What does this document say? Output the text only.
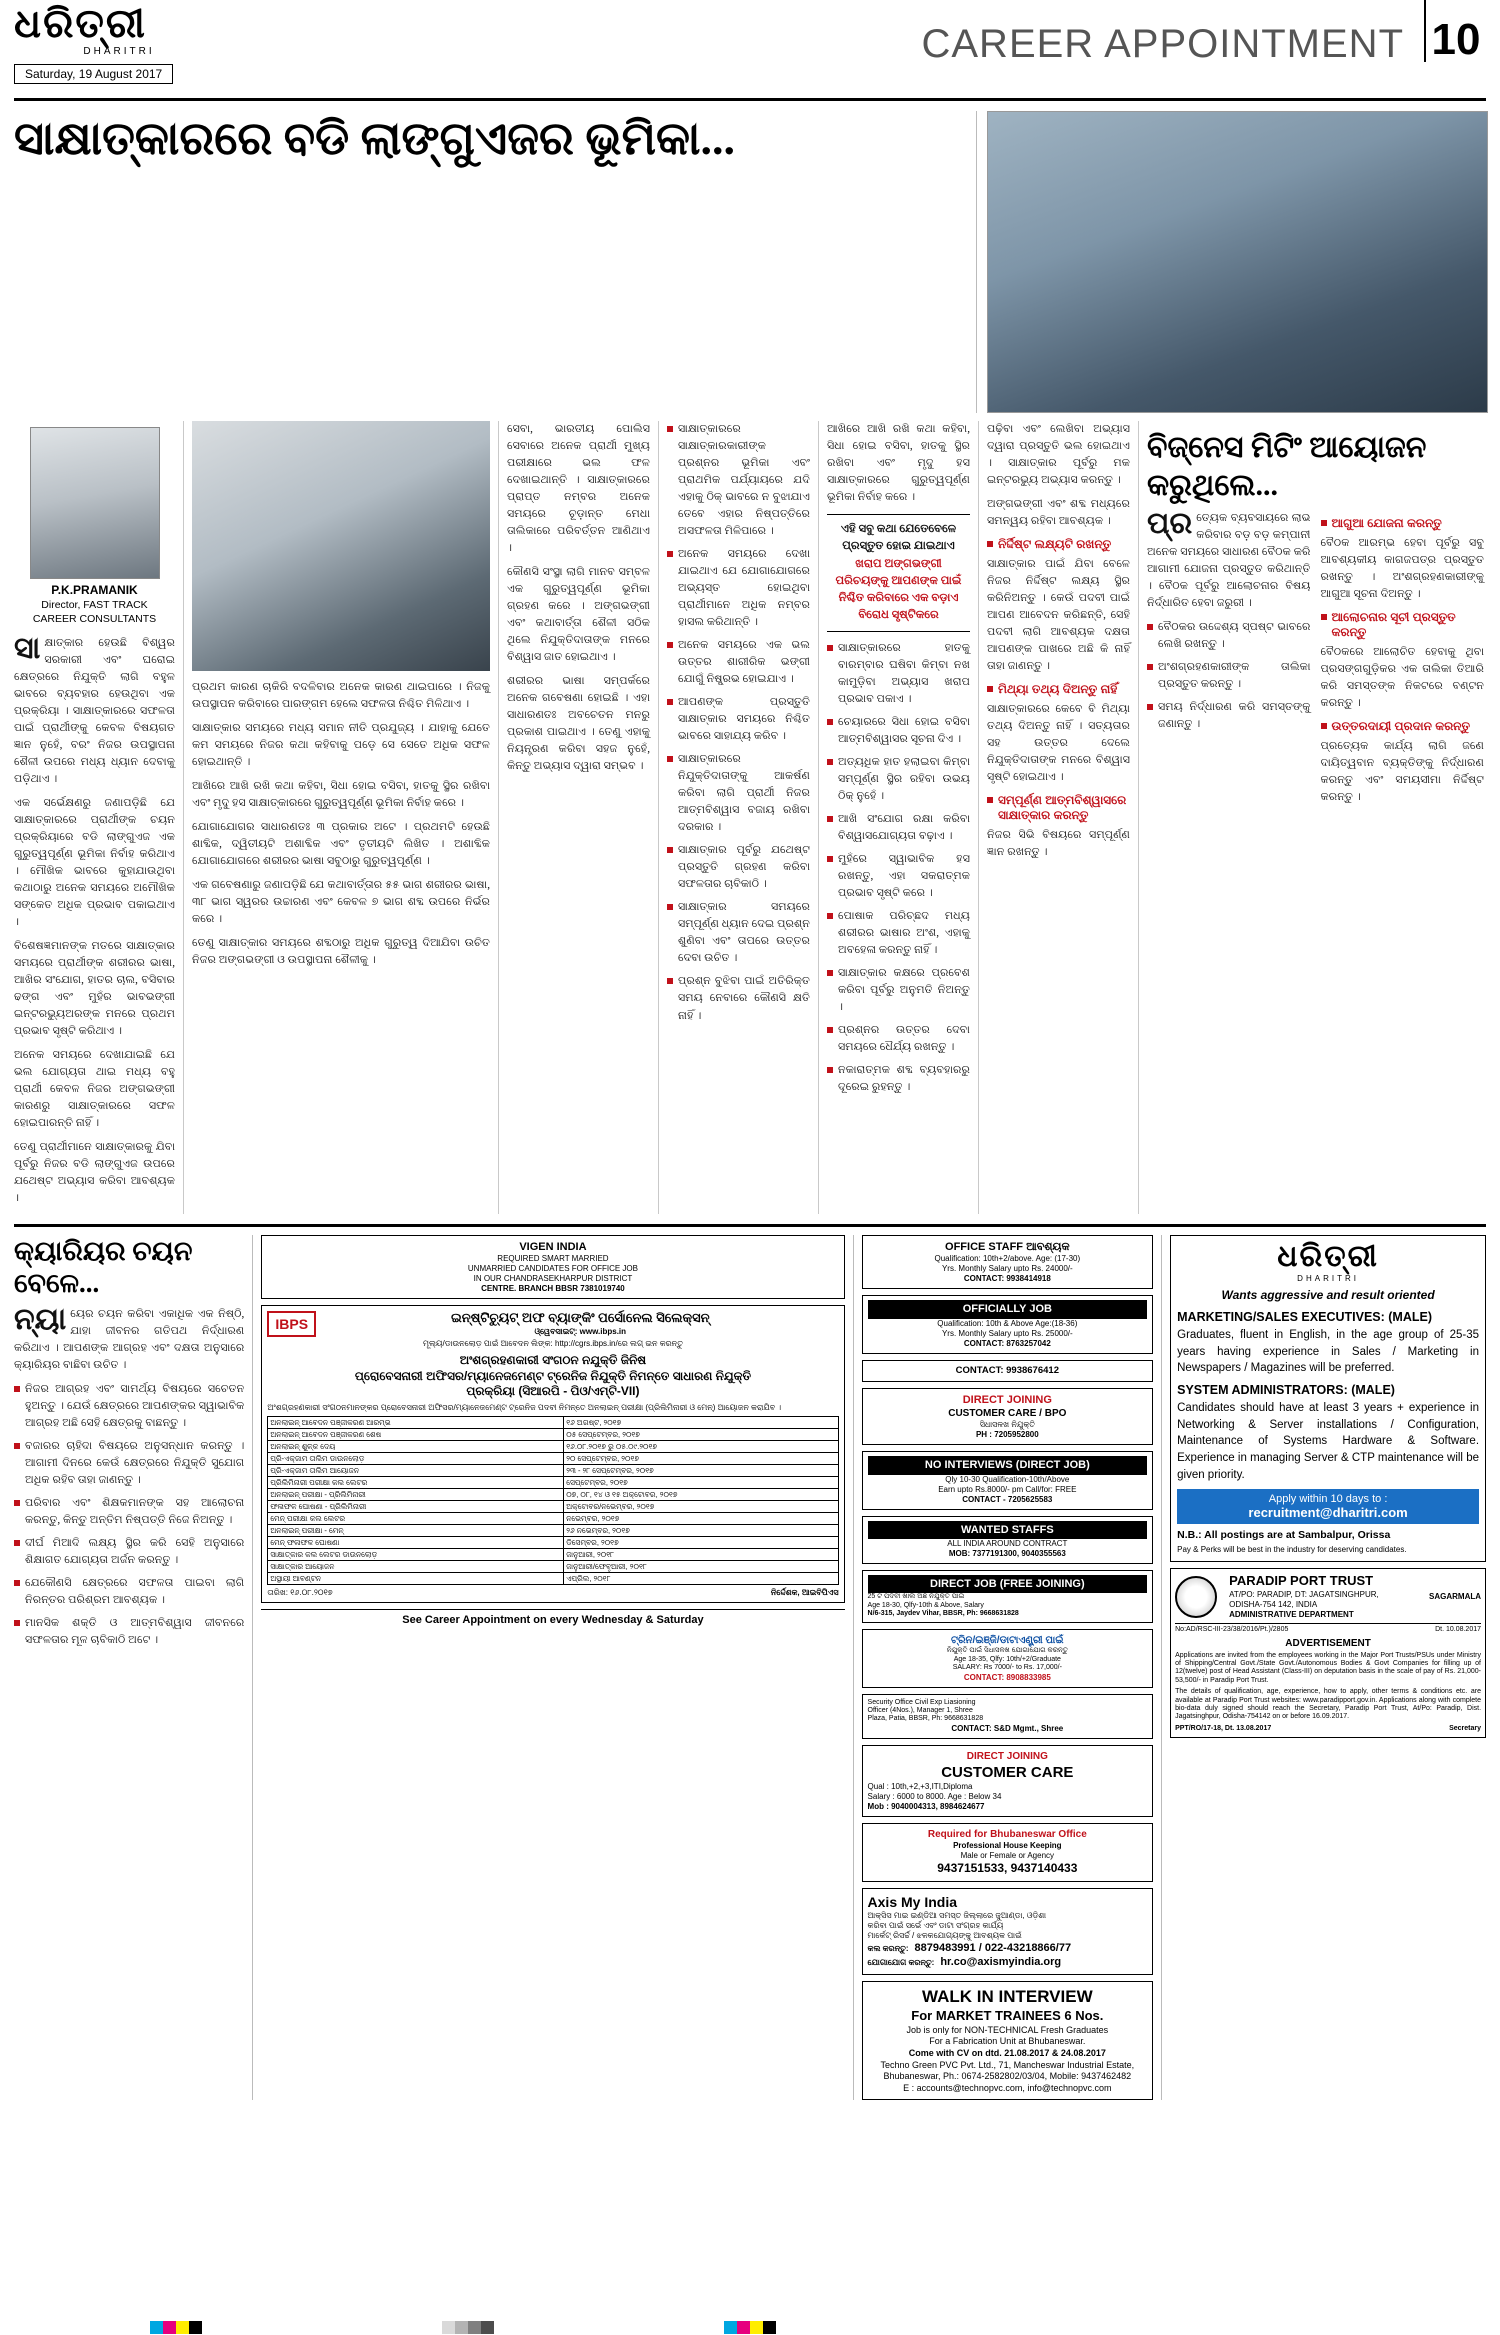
ଧରିତ୍ରୀ
DHARITRI
Saturday, 19 August 2017
CAREER APPOINTMENT 10
ସାକ୍ଷାତ୍କାରରେ ବଡି ଲାଙ୍ଗୁଏଜର ଭୂମିକା...
P.K.PRAMANIK
Director, FAST TRACK
CAREER CONSULTANTS

ସାକ୍ଷାତ୍କାର ହେଉଛି ବିଶ୍ୱର ସରକାରୀ ଏବଂ ଘରୋଇ କ୍ଷେତ୍ରରେ ନିଯୁକ୍ତି ଲାଗି ବହୁଳ ଭାବରେ ବ୍ୟବହାର ହେଉଥିବା ଏକ ପ୍ରକ୍ରିୟା । ସାକ୍ଷାତ୍କାରରେ ସଫଳତା ପାଇଁ ପ୍ରାର୍ଥୀଙ୍କୁ କେବଳ ବିଷୟଗତ ଜ୍ଞାନ ନୁହେଁ, ବରଂ ନିଜର ଉପସ୍ଥାପନା ଶୈଳୀ ଉପରେ ମଧ୍ୟ ଧ୍ୟାନ ଦେବାକୁ ପଡ଼ିଥାଏ ।

ଏକ ସର୍ଭେକ୍ଷଣରୁ ଜଣାପଡ଼ିଛି ଯେ ସାକ୍ଷାତ୍କାରରେ ପ୍ରାର୍ଥୀଙ୍କ ଚୟନ ପ୍ରକ୍ରିୟାରେ ବଡି ଲାଙ୍ଗୁଏଜ ଏକ ଗୁରୁତ୍ୱପୂର୍ଣ୍ଣ ଭୂମିକା ନିର୍ବାହ କରିଥାଏ । ମୌଖିକ ଭାବରେ କୁହାଯାଉଥିବା କଥାଠାରୁ ଅନେକ ସମୟରେ ଅମୌଖିକ ସଙ୍କେତ ଅଧିକ ପ୍ରଭାବ ପକାଇଥାଏ ।

ବିଶେଷଜ୍ଞମାନଙ୍କ ମତରେ ସାକ୍ଷାତ୍କାର ସମୟରେ ପ୍ରାର୍ଥୀଙ୍କ ଶରୀରର ଭାଷା, ଆଖିର ସଂଯୋଗ, ହାତର ଚାଲ, ବସିବାର ଢଙ୍ଗ ଏବଂ ମୁହଁର ଭାବଭଙ୍ଗୀ ଇନ୍ଟରଭ୍ୟୁଅରଙ୍କ ମନରେ ପ୍ରଥମ ପ୍ରଭାବ ସୃଷ୍ଟି କରିଥାଏ ।

ଅନେକ ସମୟରେ ଦେଖାଯାଇଛି ଯେ ଭଲ ଯୋଗ୍ୟତା ଥାଇ ମଧ୍ୟ ବହୁ ପ୍ରାର୍ଥୀ କେବଳ ନିଜର ଅଙ୍ଗଭଙ୍ଗୀ କାରଣରୁ ସାକ୍ଷାତ୍କାରରେ ସଫଳ ହୋଇପାରନ୍ତି ନାହିଁ ।

ତେଣୁ ପ୍ରାର୍ଥୀମାନେ ସାକ୍ଷାତ୍କାରକୁ ଯିବା ପୂର୍ବରୁ ନିଜର ବଡି ଲାଙ୍ଗୁଏଜ ଉପରେ ଯଥେଷ୍ଟ ଅଭ୍ୟାସ କରିବା ଆବଶ୍ୟକ ।

ପ୍ରଥମ କାରଣ ଚାକିରି ବଦଳିବାର ଅନେକ କାରଣ ଥାଇପାରେ । ନିଜକୁ ଉପସ୍ଥାପନ କରିବାରେ ପାରଙ୍ଗମ ହେଲେ ସଫଳତା ନିଶ୍ଚିତ ମିଳିଥାଏ ।

ସାକ୍ଷାତ୍କାର ସମୟରେ ମଧ୍ୟ ସମାନ ନୀତି ପ୍ରଯୁଜ୍ୟ । ଯାହାକୁ ଯେତେ କମ ସମୟରେ ନିଜର କଥା କହିବାକୁ ପଡ଼େ ସେ ସେତେ ଅଧିକ ସଫଳ ହୋଇଥାନ୍ତି ।

ଆଖିରେ ଆଖି ରଖି କଥା କହିବା, ସିଧା ହୋଇ ବସିବା, ହାତକୁ ସ୍ଥିର ରଖିବା ଏବଂ ମୃଦୁ ହସ ସାକ୍ଷାତ୍କାରରେ ଗୁରୁତ୍ୱପୂର୍ଣ୍ଣ ଭୂମିକା ନିର୍ବାହ କରେ ।

ଯୋଗାଯୋଗର ସାଧାରଣତଃ ୩ ପ୍ରକାର ଅଟେ । ପ୍ରଥମଟି ହେଉଛି ଶାବ୍ଦିକ, ଦ୍ୱିତୀୟଟି ଅଶାବ୍ଦିକ ଏବଂ ତୃତୀୟଟି ଲିଖିତ । ଅଶାବ୍ଦିକ ଯୋଗାଯୋଗରେ ଶରୀରର ଭାଷା ସବୁଠାରୁ ଗୁରୁତ୍ୱପୂର୍ଣ୍ଣ ।

ଏକ ଗବେଷଣାରୁ ଜଣାପଡ଼ିଛି ଯେ କଥାବାର୍ତ୍ତାର ୫୫ ଭାଗ ଶରୀରର ଭାଷା, ୩୮ ଭାଗ ସ୍ୱରର ଉଚ୍ଚାରଣ ଏବଂ କେବଳ ୭ ଭାଗ ଶବ୍ଦ ଉପରେ ନିର୍ଭର କରେ ।

ତେଣୁ ସାକ୍ଷାତ୍କାର ସମୟରେ ଶବ୍ଦଠାରୁ ଅଧିକ ଗୁରୁତ୍ୱ ଦିଆଯିବା ଉଚିତ ନିଜର ଅଙ୍ଗଭଙ୍ଗୀ ଓ ଉପସ୍ଥାପନା ଶୈଳୀକୁ ।

ସେବା, ଭାରତୀୟ ପୋଲିସ ସେବାରେ ଅନେକ ପ୍ରାର୍ଥୀ ମୁଖ୍ୟ ପରୀକ୍ଷାରେ ଭଲ ଫଳ ଦେଖାଇଥାନ୍ତି । ସାକ୍ଷାତ୍କାରରେ ପ୍ରାପ୍ତ ନମ୍ବର ଅନେକ ସମୟରେ ଚୂଡ଼ାନ୍ତ ମେଧା ତାଲିକାରେ ପରିବର୍ତ୍ତନ ଆଣିଥାଏ ।

କୌଣସି ସଂସ୍ଥା ଲାଗି ମାନବ ସମ୍ବଳ ଏକ ଗୁରୁତ୍ୱପୂର୍ଣ୍ଣ ଭୂମିକା ଗ୍ରହଣ କରେ । ଅଙ୍ଗଭଙ୍ଗୀ ଏବଂ କଥାବାର୍ତ୍ତା ଶୈଳୀ ସଠିକ ଥିଲେ ନିଯୁକ୍ତିଦାତାଙ୍କ ମନରେ ବିଶ୍ୱାସ ଜାତ ହୋଇଥାଏ ।

ଶରୀରର ଭାଷା ସମ୍ପର୍କରେ ଅନେକ ଗବେଷଣା ହୋଇଛି । ଏହା ସାଧାରଣତଃ ଅବଚେତନ ମନରୁ ପ୍ରକାଶ ପାଇଥାଏ । ତେଣୁ ଏହାକୁ ନିୟନ୍ତ୍ରଣ କରିବା ସହଜ ନୁହେଁ, କିନ୍ତୁ ଅଭ୍ୟାସ ଦ୍ୱାରା ସମ୍ଭବ ।

ସାକ୍ଷାତ୍କାରରେ ସାକ୍ଷାତ୍କାରକାରୀଙ୍କ ପ୍ରଶ୍ନର ଭୂମିକା ଏବଂ ପ୍ରାଥମିକ ପର୍ଯ୍ୟାୟରେ ଯଦି ଏହାକୁ ଠିକ୍ ଭାବରେ ନ ବୁଝାଯାଏ ତେବେ ଏହାର ନିଷ୍ପତ୍ତିରେ ଅସଫଳତା ମିଳିପାରେ ।
ଅନେକ ସମୟରେ ଦେଖା ଯାଇଥାଏ ଯେ ଯୋଗାଯୋଗରେ ଅଭ୍ୟସ୍ତ ହୋଇଥିବା ପ୍ରାର୍ଥୀମାନେ ଅଧିକ ନମ୍ବର ହାସଲ କରିଥାନ୍ତି ।
ଅନେକ ସମୟରେ ଏକ ଭଲ ଉତ୍ତର ଶାରୀରିକ ଭଙ୍ଗୀ ଯୋଗୁଁ ନିଷ୍ପ୍ରଭ ହୋଇଯାଏ ।
ଆପଣଙ୍କ ପ୍ରସ୍ତୁତି ସାକ୍ଷାତ୍କାର ସମୟରେ ନିଶ୍ଚିତ ଭାବରେ ସାହାଯ୍ୟ କରିବ ।
ସାକ୍ଷାତ୍କାରରେ ନିଯୁକ୍ତିଦାତାଙ୍କୁ ଆକର୍ଷଣ କରିବା ଲାଗି ପ୍ରାର୍ଥୀ ନିଜର ଆତ୍ମବିଶ୍ୱାସ ବଜାୟ ରଖିବା ଦରକାର ।
ସାକ୍ଷାତ୍କାର ପୂର୍ବରୁ ଯଥେଷ୍ଟ ପ୍ରସ୍ତୁତି ଗ୍ରହଣ କରିବା ସଫଳତାର ଚାବିକାଠି ।
ସାକ୍ଷାତ୍କାର ସମୟରେ ସମ୍ପୂର୍ଣ୍ଣ ଧ୍ୟାନ ଦେଇ ପ୍ରଶ୍ନ ଶୁଣିବା ଏବଂ ତାପରେ ଉତ୍ତର ଦେବା ଉଚିତ ।
ପ୍ରଶ୍ନ ବୁଝିବା ପାଇଁ ଅତିରିକ୍ତ ସମୟ ନେବାରେ କୌଣସି କ୍ଷତି ନାହିଁ ।

ଆଖିରେ ଆଖି ରଖି କଥା କହିବା, ସିଧା ହୋଇ ବସିବା, ହାତକୁ ସ୍ଥିର ରଖିବା ଏବଂ ମୃଦୁ ହସ ସାକ୍ଷାତ୍କାରରେ ଗୁରୁତ୍ୱପୂର୍ଣ୍ଣ ଭୂମିକା ନିର୍ବାହ କରେ ।

ଏହି ସବୁ କଥା ଯେତେବେଳେ ପ୍ରସ୍ତୁତ ହୋଇ ଯାଇଥାଏ
ଖରାପ ଅଙ୍ଗଭଙ୍ଗୀ ପରିଚୟଙ୍କୁ ଆପଣଙ୍କ ପାଇଁ ନିଶ୍ଚିତ କରିବାରେ ଏକ ବଡ଼ାଏ ବିରୋଧ ସୃଷ୍ଟିକରେ
ସାକ୍ଷାତ୍କାରରେ ହାତକୁ ବାରମ୍ବାର ଘଷିବା କିମ୍ବା ନଖ କାମୁଡ଼ିବା ଅଭ୍ୟାସ ଖରାପ ପ୍ରଭାବ ପକାଏ ।
ଚେୟାରରେ ସିଧା ହୋଇ ବସିବା ଆତ୍ମବିଶ୍ୱାସର ସୂଚନା ଦିଏ ।
ଅତ୍ୟଧିକ ହାତ ହଲାଇବା କିମ୍ବା ସମ୍ପୂର୍ଣ୍ଣ ସ୍ଥିର ରହିବା ଉଭୟ ଠିକ୍ ନୁହେଁ ।
ଆଖି ସଂଯୋଗ ରକ୍ଷା କରିବା ବିଶ୍ୱାସଯୋଗ୍ୟତା ବଢ଼ାଏ ।
ମୁହଁରେ ସ୍ୱାଭାବିକ ହସ ରଖନ୍ତୁ, ଏହା ସକରାତ୍ମକ ପ୍ରଭାବ ସୃଷ୍ଟି କରେ ।
ପୋଷାକ ପରିଚ୍ଛଦ ମଧ୍ୟ ଶରୀରର ଭାଷାର ଅଂଶ, ଏହାକୁ ଅବହେଳା କରନ୍ତୁ ନାହିଁ ।
ସାକ୍ଷାତ୍କାର କକ୍ଷରେ ପ୍ରବେଶ କରିବା ପୂର୍ବରୁ ଅନୁମତି ନିଅନ୍ତୁ ।
ପ୍ରଶ୍ନର ଉତ୍ତର ଦେବା ସମୟରେ ଧୈର୍ଯ୍ୟ ରଖନ୍ତୁ ।
ନକାରାତ୍ମକ ଶବ୍ଦ ବ୍ୟବହାରରୁ ଦୂରେଇ ରୁହନ୍ତୁ ।

ପଢ଼ିବା ଏବଂ ଲେଖିବା ଅଭ୍ୟାସ ଦ୍ୱାରା ପ୍ରସ୍ତୁତି ଭଲ ହୋଇଥାଏ । ସାକ୍ଷାତ୍କାର ପୂର୍ବରୁ ମକ ଇନ୍ଟରଭ୍ୟୁ ଅଭ୍ୟାସ କରନ୍ତୁ ।

ଅଙ୍ଗଭଙ୍ଗୀ ଏବଂ ଶବ୍ଦ ମଧ୍ୟରେ ସମନ୍ୱୟ ରହିବା ଆବଶ୍ୟକ ।

ନିର୍ଦ୍ଦିଷ୍ଟ ଲକ୍ଷ୍ୟଟି ରଖନ୍ତୁ

ସାକ୍ଷାତ୍କାର ପାଇଁ ଯିବା ବେଳେ ନିଜର ନିର୍ଦ୍ଦିଷ୍ଟ ଲକ୍ଷ୍ୟ ସ୍ଥିର କରିନିଅନ୍ତୁ । କେଉଁ ପଦବୀ ପାଇଁ ଆପଣ ଆବେଦନ କରିଛନ୍ତି, ସେହି ପଦବୀ ଲାଗି ଆବଶ୍ୟକ ଦକ୍ଷତା ଆପଣଙ୍କ ପାଖରେ ଅଛି କି ନାହିଁ ତାହା ଜାଣନ୍ତୁ ।

ମିଥ୍ୟା ତଥ୍ୟ ଦିଅନ୍ତୁ ନାହିଁ

ସାକ୍ଷାତ୍କାରରେ କେବେ ବି ମିଥ୍ୟା ତଥ୍ୟ ଦିଅନ୍ତୁ ନାହିଁ । ସତ୍ୟତାର ସହ ଉତ୍ତର ଦେଲେ ନିଯୁକ୍ତିଦାତାଙ୍କ ମନରେ ବିଶ୍ୱାସ ସୃଷ୍ଟି ହୋଇଥାଏ ।

ସମ୍ପୂର୍ଣ୍ଣ ଆତ୍ମବିଶ୍ୱାସରେ ସାକ୍ଷାତ୍କାର କରନ୍ତୁ

ନିଜର ସିଭି ବିଷୟରେ ସମ୍ପୂର୍ଣ୍ଣ ଜ୍ଞାନ ରଖନ୍ତୁ ।

ବିଜ୍ନେସ ମିଟିଂ ଆୟୋଜନ କରୁଥିଲେ...

ପ୍ରତ୍ୟେକ ବ୍ୟବସାୟରେ ଲାଭ କରିବାର ବଡ଼ ବଡ଼ କମ୍ପାନୀ ଅନେକ ସମୟରେ ସାଧାରଣ ବୈଠକ କରି ଆଗାମୀ ଯୋଜନା ପ୍ରସ୍ତୁତ କରିଥାନ୍ତି । ବୈଠକ ପୂର୍ବରୁ ଆଲୋଚନାର ବିଷୟ ନିର୍ଦ୍ଧାରିତ ହେବା ଜରୁରୀ ।

ବୈଠକର ଉଦ୍ଦେଶ୍ୟ ସ୍ପଷ୍ଟ ଭାବରେ ଲେଖି ରଖନ୍ତୁ ।
ଅଂଶଗ୍ରହଣକାରୀଙ୍କ ତାଲିକା ପ୍ରସ୍ତୁତ କରନ୍ତୁ ।
ସମୟ ନିର୍ଦ୍ଧାରଣ କରି ସମସ୍ତଙ୍କୁ ଜଣାନ୍ତୁ ।
ଆଗୁଆ ଯୋଜନା କରନ୍ତୁ

ବୈଠକ ଆରମ୍ଭ ହେବା ପୂର୍ବରୁ ସବୁ ଆବଶ୍ୟକୀୟ କାଗଜପତ୍ର ପ୍ରସ୍ତୁତ ରଖନ୍ତୁ । ଅଂଶଗ୍ରହଣକାରୀଙ୍କୁ ଆଗୁଆ ସୂଚନା ଦିଅନ୍ତୁ ।

ଆଲୋଚନାର ସୂଚୀ ପ୍ରସ୍ତୁତ କରନ୍ତୁ

ବୈଠକରେ ଆଲୋଚିତ ହେବାକୁ ଥିବା ପ୍ରସଙ୍ଗଗୁଡ଼ିକର ଏକ ତାଲିକା ତିଆରି କରି ସମସ୍ତଙ୍କ ନିକଟରେ ବଣ୍ଟନ କରନ୍ତୁ ।

ଉତ୍ତରଦାୟୀ ପ୍ରଦାନ କରନ୍ତୁ

ପ୍ରତ୍ୟେକ କାର୍ଯ୍ୟ ଲାଗି ଜଣେ ଦାୟିତ୍ୱବାନ ବ୍ୟକ୍ତିଙ୍କୁ ନିର୍ଦ୍ଧାରଣ କରନ୍ତୁ ଏବଂ ସମୟସୀମା ନିର୍ଦ୍ଦିଷ୍ଟ କରନ୍ତୁ ।

କ୍ୟାରିୟର ଚୟନ ବେଳେ...

ନ୍ୟାୟେର ଚୟନ କରିବା ଏକାଧିକ ଏକ ନିଷ୍ଠି, ଯାହା ଜୀବନର ଗତିପଥ ନିର୍ଦ୍ଧାରଣ କରିଥାଏ । ଆପଣଙ୍କ ଆଗ୍ରହ ଏବଂ ଦକ୍ଷତା ଅନୁସାରେ କ୍ୟାରିୟର ବାଛିବା ଉଚିତ ।

ନିଜର ଆଗ୍ରହ ଏବଂ ସାମର୍ଥ୍ୟ ବିଷୟରେ ସଚେତନ ହୁଅନ୍ତୁ । ଯେଉଁ କ୍ଷେତ୍ରରେ ଆପଣଙ୍କର ସ୍ୱାଭାବିକ ଆଗ୍ରହ ଅଛି ସେହି କ୍ଷେତ୍ରକୁ ବାଛନ୍ତୁ ।
ବଜାରର ଚାହିଦା ବିଷୟରେ ଅନୁସନ୍ଧାନ କରନ୍ତୁ । ଆଗାମୀ ଦିନରେ କେଉଁ କ୍ଷେତ୍ରରେ ନିଯୁକ୍ତି ସୁଯୋଗ ଅଧିକ ରହିବ ତାହା ଜାଣନ୍ତୁ ।
ପରିବାର ଏବଂ ଶିକ୍ଷକମାନଙ୍କ ସହ ଆଲୋଚନା କରନ୍ତୁ, କିନ୍ତୁ ଅନ୍ତିମ ନିଷ୍ପତ୍ତି ନିଜେ ନିଅନ୍ତୁ ।
ଦୀର୍ଘ ମିଆଦି ଲକ୍ଷ୍ୟ ସ୍ଥିର କରି ସେହି ଅନୁସାରେ ଶିକ୍ଷାଗତ ଯୋଗ୍ୟତା ଅର୍ଜନ କରନ୍ତୁ ।
ଯେକୌଣସି କ୍ଷେତ୍ରରେ ସଫଳତା ପାଇବା ଲାଗି ନିରନ୍ତର ପରିଶ୍ରମ ଆବଶ୍ୟକ ।
ମାନସିକ ଶକ୍ତି ଓ ଆତ୍ମବିଶ୍ୱାସ ଜୀବନରେ ସଫଳତାର ମୂଳ ଚାବିକାଠି ଅଟେ ।
VIGEN INDIA
REQUIRED SMART MARRIED
UNMARRIED CANDIDATES FOR OFFICE JOB
IN OUR CHANDRASEKHARPUR DISTRICT
CENTRE. BRANCH BBSR 7381019740
IBPS	ଇନ୍ଷ୍ଟିଚ୍ୟୁଟ୍ ଅଫ ବ୍ୟାଙ୍କିଂ ପର୍ସୋନେଲ ସିଲେକ୍ସନ୍
ଓ୍ୱେବସାଇଟ୍: www.ibps.in
ମୂଲ୍ୟ/ଡାଉନଲୋଡ଼ ପାଇଁ ଆବେଦନ ଲିଙ୍କ: http://cgrs.ibps.in/ରେ ଲଗ୍ ଇନ କରନ୍ତୁ
ଅଂଶଗ୍ରହଣକାରୀ ସଂଗଠନ ନଯୁକ୍ତି ଜିନିଷ
ପ୍ରୋବେସନାରୀ ଅଫିସର/ମ୍ୟାନେଜମେଣ୍ଟ ଟ୍ରେନିଜ ନିଯୁକ୍ତି ନିମନ୍ତେ ସାଧାରଣ ନିଯୁକ୍ତି
ପ୍ରକ୍ରିୟା (ସିଆରପି - ପିଓ/ଏମ୍ଟି-VII)
ଅଂଶଗ୍ରହଣକାରୀ ସଂଗଠନମାନଙ୍କର ପ୍ରୋବେସନାରୀ ଅଫିସର/ମ୍ୟାନେଜମେଣ୍ଟ ଟ୍ରେନିଜ ପଦବୀ ନିମନ୍ତେ ଅନଲାଇନ୍ ପରୀକ୍ଷା (ପ୍ରିଲିମିନାରୀ ଓ ମେନ୍) ଆୟୋଜନ କରାଯିବ ।
ଅନଲାଇନ୍ ଆବେଦନ ପଞ୍ଜୀକରଣ ଆରମ୍ଭ	୧୬ ଅଗଷ୍ଟ, ୨୦୧୭
ଅନଲାଇନ୍ ଆବେଦନ ପଞ୍ଜୀକରଣ ଶେଷ	୦୫ ସେପ୍ଟେମ୍ବର, ୨୦୧୭
ଅନଲାଇନ୍ ଶୁଳ୍କ ଦେୟ	୧୬.୦୮.୨୦୧୭ ରୁ ୦୫.୦୯.୨୦୧୭
ପ୍ରି-ଏକ୍ଜାମ ତାଲିମ ଡାଉନଲୋଡ଼	୨୦ ସେପ୍ଟେମ୍ବର, ୨୦୧୭
ପ୍ରି-ଏକ୍ଜାମ ତାଲିମ ଆୟୋଜନ	୨୩ - ୨୮ ସେପ୍ଟେମ୍ବର, ୨୦୧୭
ପ୍ରିଲିମିନାରୀ ପରୀକ୍ଷା କଲ ଲେଟର	ସେପ୍ଟେମ୍ବର, ୨୦୧୭
ଅନଲାଇନ୍ ପରୀକ୍ଷା - ପ୍ରିଲିମିନାରୀ	୦୭, ୦୮, ୧୪ ଓ ୧୫ ଅକ୍ଟୋବର, ୨୦୧୭
ଫଳାଫଳ ଘୋଷଣା - ପ୍ରିଲିମିନାରୀ	ଅକ୍ଟୋବର/ନଭେମ୍ବର, ୨୦୧୭
ମେନ୍ ପରୀକ୍ଷା କଲ ଲେଟର	ନଭେମ୍ବର, ୨୦୧୭
ଅନଲାଇନ୍ ପରୀକ୍ଷା - ମେନ୍	୨୬ ନଭେମ୍ବର, ୨୦୧୭
ମେନ୍ ଫଳାଫଳ ଘୋଷଣା	ଡିସେମ୍ବର, ୨୦୧୭
ସାକ୍ଷାତ୍କାର କଲ ଲେଟର ଡାଉନଲୋଡ଼	ଜାନୁଆରୀ, ୨୦୧୮
ସାକ୍ଷାତ୍କାର ଆୟୋଜନ	ଜାନୁଆରୀ/ଫେବୃଆରୀ, ୨୦୧୮
ଅସ୍ଥାୟୀ ଆବଣ୍ଟନ	ଏପ୍ରିଲ, ୨୦୧୮
ତାରିଖ: ୧୬.୦୮.୨୦୧୭	ନିର୍ଦ୍ଦେଶକ, ଆଇବିପିଏସ
See Career Appointment on every Wednesday & Saturday
OFFICE STAFF ଆବଶ୍ୟକ
Qualification: 10th+2/above. Age: (17-30)
Yrs. Monthly Salary upto Rs. 24000/-
CONTACT: 9938414918
OFFICIALLY JOB
Qualification: 10th & Above Age:(18-36)
Yrs. Monthly Salary upto Rs. 25000/-
CONTACT: 8763257042
CONTACT: 9938676412
DIRECT JOINING
CUSTOMER CARE / BPO
ସିଧାସଳଖ ନିଯୁକ୍ତି
PH : 7205952800
NO INTERVIEWS (DIRECT JOB)
Qly 10-30 Qualification-10th/Above
Earn upto Rs.8000/- pm Call/for: FREE
CONTACT - 7205625583
WANTED STAFFS
ALL INDIA AROUND CONTRACT
MOB: 7377191300, 9040355563
DIRECT JOB (FREE JOINING)
25 ଟି ପଦବୀ ଖାଲି ଅଛି ନିଯୁକ୍ତି ପାଇଁ
Age 18-30, Qlfy-10th & Above, Salary
N/6-315, Jaydev Vihar, BBSR, Ph: 9668631828
ଟ୍ରିନ/ଇଞ୍ଜି/ଡାଟାଏଣ୍ଟ୍ରୀ ପାଇଁ
ନିଯୁକ୍ତି ପାଇଁ ସିଧାସଳଖ ଯୋଗାଯୋଗ କରନ୍ତୁ
Age 18-35, Qlfy: 10th/+2/Graduate
SALARY: Rs 7000/- to Rs. 17,000/-
CONTACT: 8908833985
Security Office Civil Exp Liasioning
Officer (4Nos.), Manager 1, Shree
Plaza, Patia, BBSR, Ph: 9668631828
CONTACT: S&D Mgmt., Shree
DIRECT JOINING
CUSTOMER CARE
Qual : 10th,+2,+3,ITI,Diploma
Salary : 6000 to 8000. Age : Below 34
Mob : 9040004313, 8984624677
Required for Bhubaneswar Office
Professional House Keeping
Male or Female or Agency
9437151533, 9437140433
Axis My India
ଆକ୍ସିସ ମାଇ ଇଣ୍ଡିଆ ସମସ୍ତ ଜିଲ୍ଲାରେ ଜୁଆଣ୍ଡା, ଓଡ଼ିଶା
କରିବା ପାଇଁ ସର୍ଭେ ଏବଂ ଡାଟା ସଂଗ୍ରହ କାର୍ଯ୍ୟ
ମାର୍କେଟ୍ ରିସର୍ଚ୍ଚ / ଝଳକଯୋଗ୍ୟଙ୍କୁ ଆବଶ୍ୟକ ପାଇଁ
କଲ କରନ୍ତୁ: 8879483991 / 022-43218866/77
ଯୋଗାଯୋଗ କରନ୍ତୁ: hr.co@axismyindia.org
WALK IN INTERVIEW
For MARKET TRAINEES 6 Nos.
Job is only for NON-TECHNICAL Fresh Graduates
For a Fabrication Unit at Bhubaneswar.
Come with CV on dtd. 21.08.2017 & 24.08.2017
Techno Green PVC Pvt. Ltd., 71, Mancheswar Industrial Estate,
Bhubaneswar, Ph.: 0674-2582802/03/04, Mobile: 9437462482
E : accounts@technopvc.com, info@technopvc.com
ଧରିତ୍ରୀ
DHARITRI
Wants aggressive and result oriented
MARKETING/SALES EXECUTIVES: (MALE)
Graduates, fluent in English, in the age group of 25-35 years having experience in Sales / Marketing in Newspapers / Magazines will be preferred.
SYSTEM ADMINISTRATORS: (MALE)
Candidates should have at least 3 years + experience in Networking & Server installations / Configuration, Maintenance of Systems Hardware & Software. Experience in managing Server & CTP maintenance will be given priority.
Apply within 10 days to :
recruitment@dharitri.com
N.B.: All postings are at Sambalpur, Orissa
Pay & Perks will be best in the industry for deserving candidates.
PARADIP PORT TRUST
AT/PO: PARADIP, DT: JAGATSINGHPUR,
ODISHA-754 142, INDIA
ADMINISTRATIVE DEPARTMENT
SAGARMALA
No:AD/RSC-III-23/38/2016/Pt.)/2805	Dt. 10.08.2017
ADVERTISEMENT
Applications are invited from the employees working in the Major Port Trusts/PSUs under Ministry of Shipping/Central Govt./State Govt./Autonomous Bodies & Govt Companies for filling up of 12(twelve) post of Head Assistant (Class-III) on deputation basis in the scale of pay of Rs. 21,000-53,500/- in Paradip Port Trust.
The details of qualification, age, experience, how to apply, other terms & conditions etc. are available at Paradip Port Trust websites: www.paradipport.gov.in. Applications along with complete bio-data duly signed should reach the Secretary, Paradip Port Trust, At/Po: Paradip, Dist. Jagatsinghpur, Odisha-754142 on or before 16.09.2017.
PPT/RO/17-18, Dt. 13.08.2017	Secretary
